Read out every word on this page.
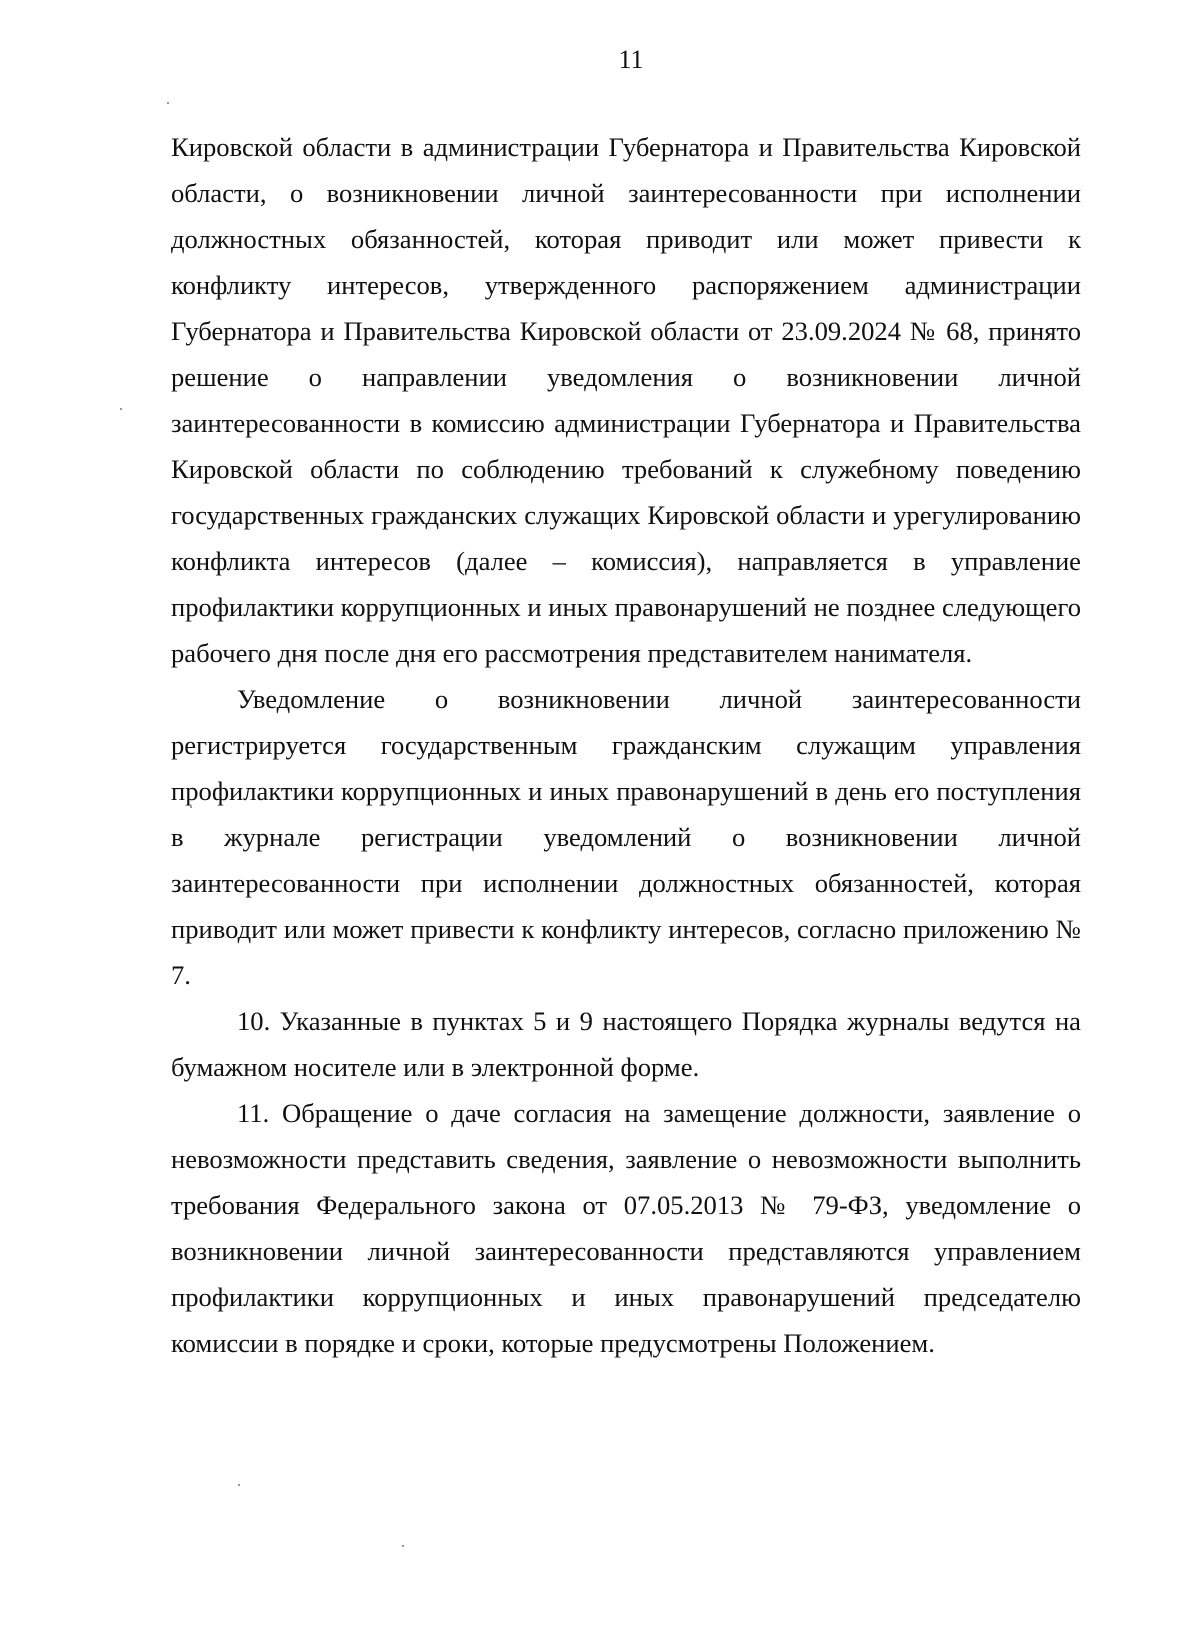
11

Кировской области в администрации Губернатора и Правительства Кировской области, о возникновении личной заинтересованности при исполнении должностных обязанностей, которая приводит или может привести к конфликту интересов, утвержденного распоряжением администрации Губернатора и Правительства Кировской области от 23.09.2024 № 68, принято решение о направлении уведомления о возникновении личной заинтересованности в комиссию администрации Губернатора и Правительства Кировской области по соблюдению требований к служебному поведению государственных гражданских служащих Кировской области и урегулированию конфликта интересов (далее – комиссия), направляется в управление профилактики коррупционных и иных правонарушений не позднее следующего рабочего дня после дня его рассмотрения представителем нанимателя.

Уведомление о возникновении личной заинтересованности регистрируется государственным гражданским служащим управления профилактики коррупционных и иных правонарушений в день его поступления в журнале регистрации уведомлений о возникновении личной заинтересованности при исполнении должностных обязанностей, которая приводит или может привести к конфликту интересов, согласно приложению № 7.

10. Указанные в пунктах 5 и 9 настоящего Порядка журналы ведутся на бумажном носителе или в электронной форме.

11. Обращение о даче согласия на замещение должности, заявление о невозможности представить сведения, заявление о невозможности выполнить требования Федерального закона от 07.05.2013 № 79-ФЗ, уведомление о возникновении личной заинтересованности представляются управлением профилактики коррупционных и иных правонарушений председателю комиссии в порядке и сроки, которые предусмотрены Положением.
